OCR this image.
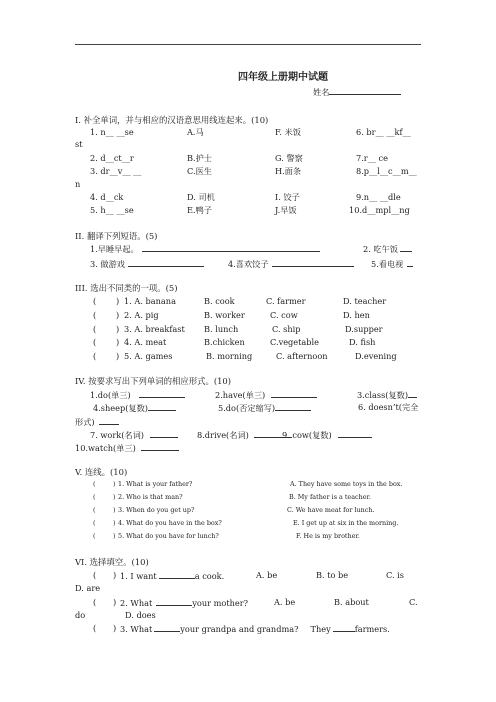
四年级上册期中试题
姓名
I. 补全单词，并与相应的汉语意思用线连起来。(10)
1. n__ __se	A.马	F. 米饭	6. br__ __kf__
st
2. d__ct__r	B.护士	G. 警察	7.r__ ce
3. dr__v__ __	C.医生	H.面条	8.p__l__c__m__
n
4. d__ck	D. 司机	I. 饺子	9.n__ __dle
5. h__ __se	E.鸭子	J.早饭	10.d__mpl__ng
II. 翻译下列短语。(5)
1.早睡早起。	2. 吃午饭
3. 做游戏	4.喜欢饺子	5.看电视
III. 选出不同类的一项。(5)
( ) 1. A. banana	B. cook	C. farmer	D. teacher
( ) 2. A. pig	B. worker	C. cow	D. hen
( ) 3. A. breakfast B. lunch	C. ship	D.supper
( ) 4. A. meat	B.chicken	C.vegetable	D. fish
( ) 5. A. games	B. morning	C. afternoon	D.evening
IV. 按要求写出下列单词的相应形式。(10)
1.do(单三)	2.have(单三)	3.class(复数)
4.sheep(复数)	5.do(否定缩写)	6. doesn’t(完全
形式)
7. work(名词)	8.drive(名词)	9. cow(复数)
10.watch(单三)
V. 连线。(10)
(	) 1. What is your father?	A. They have some toys in the box.
(	) 2. Who is that man?	B. My father is a teacher.
(	) 3. When do you get up?	C. We have meat for lunch.
(	) 4. What do you have in the box?	E. I get up at six in the morning.
(	) 5. What do you have for lunch?	F. He is my brother.
VI. 选择填空。(10)
( ) 1. I want	a cook.	A. be	B. to be	C. is
D. are
( ) 2. What	your mother?	A. be	B. about	C.
do	D. does
( ) 3. What	your grandpa and grandma? They	farmers.
